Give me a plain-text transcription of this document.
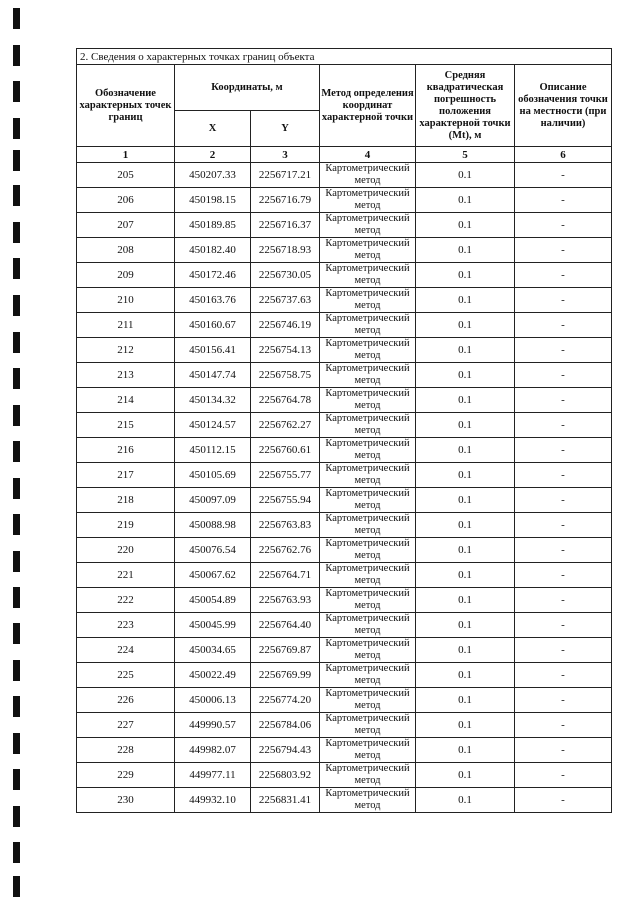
2. Сведения о характерных точках границ объекта					
Обозначение характерных точек границ	Координаты, м		Метод определения координат характерной точки	Средняя квадратическая погрешность положения характерной точки (Mt), м	Описание обозначения точки на местности (при наличии)
	X	Y			
1	2	3	4	5	6
205	450207.33	2256717.21	Картометрический метод	0.1	-
206	450198.15	2256716.79	Картометрический метод	0.1	-
207	450189.85	2256716.37	Картометрический метод	0.1	-
208	450182.40	2256718.93	Картометрический метод	0.1	-
209	450172.46	2256730.05	Картометрический метод	0.1	-
210	450163.76	2256737.63	Картометрический метод	0.1	-
211	450160.67	2256746.19	Картометрический метод	0.1	-
212	450156.41	2256754.13	Картометрический метод	0.1	-
213	450147.74	2256758.75	Картометрический метод	0.1	-
214	450134.32	2256764.78	Картометрический метод	0.1	-
215	450124.57	2256762.27	Картометрический метод	0.1	-
216	450112.15	2256760.61	Картометрический метод	0.1	-
217	450105.69	2256755.77	Картометрический метод	0.1	-
218	450097.09	2256755.94	Картометрический метод	0.1	-
219	450088.98	2256763.83	Картометрический метод	0.1	-
220	450076.54	2256762.76	Картометрический метод	0.1	-
221	450067.62	2256764.71	Картометрический метод	0.1	-
222	450054.89	2256763.93	Картометрический метод	0.1	-
223	450045.99	2256764.40	Картометрический метод	0.1	-
224	450034.65	2256769.87	Картометрический метод	0.1	-
225	450022.49	2256769.99	Картометрический метод	0.1	-
226	450006.13	2256774.20	Картометрический метод	0.1	-
227	449990.57	2256784.06	Картометрический метод	0.1	-
228	449982.07	2256794.43	Картометрический метод	0.1	-
229	449977.11	2256803.92	Картометрический метод	0.1	-
230	449932.10	2256831.41	Картометрический метод	0.1	-
